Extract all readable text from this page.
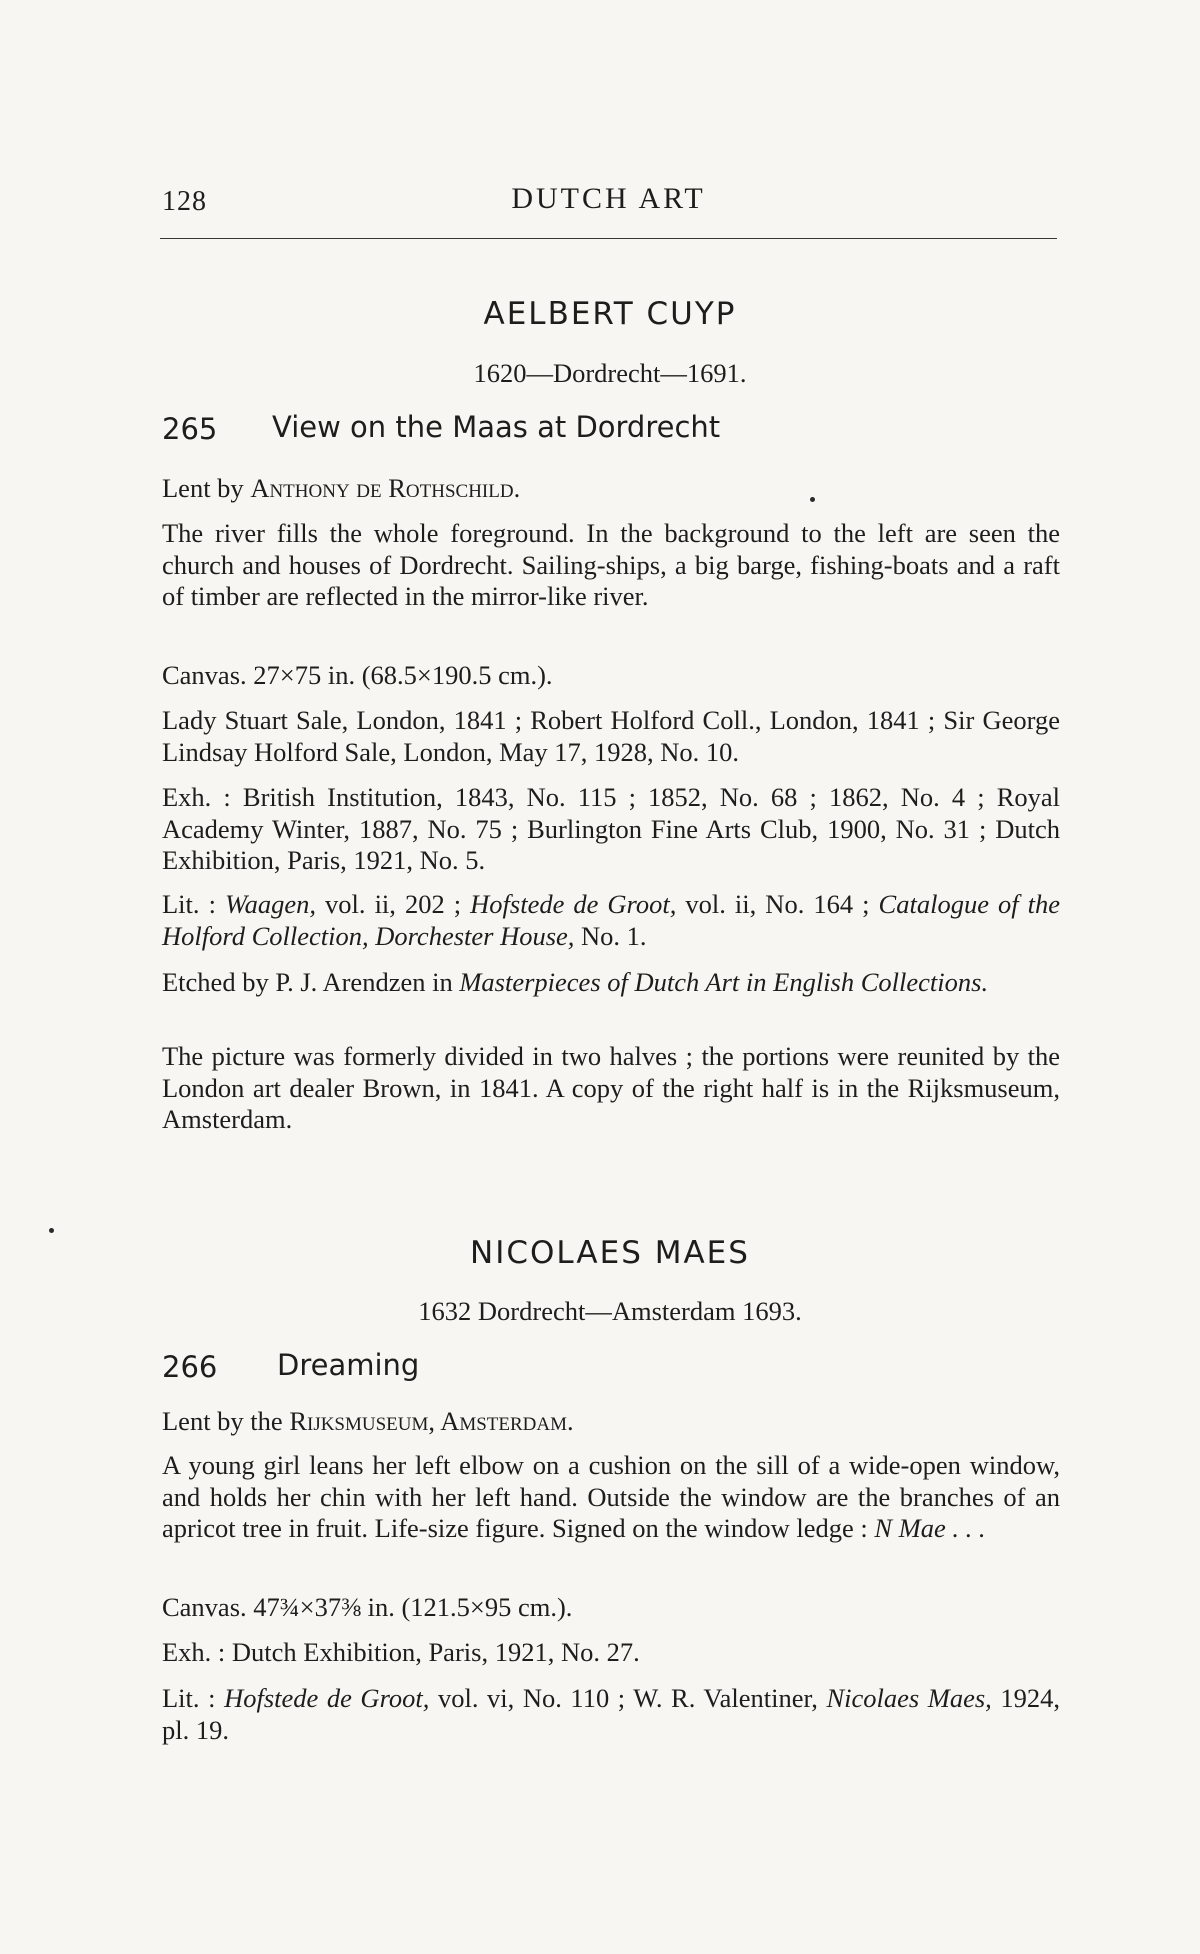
128	DUTCH ART
AELBERT CUYP
1620—Dordrecht—1691.
265 View on the Maas at Dordrecht
Lent by Anthony de Rothschild.
The river fills the whole foreground. In the background to the left are seen the church and houses of Dordrecht. Sailing-ships, a big barge, fishing-boats and a raft of timber are reflected in the mirror-like river.
Canvas. 27×75 in. (68.5×190.5 cm.).
Lady Stuart Sale, London, 1841 ; Robert Holford Coll., London, 1841 ; Sir George Lindsay Holford Sale, London, May 17, 1928, No. 10.
Exh. : British Institution, 1843, No. 115 ; 1852, No. 68 ; 1862, No. 4 ; Royal Academy Winter, 1887, No. 75 ; Burlington Fine Arts Club, 1900, No. 31 ; Dutch Exhibition, Paris, 1921, No. 5.
Lit. : Waagen, vol. ii, 202 ; Hofstede de Groot, vol. ii, No. 164 ; Catalogue of the Holford Collection, Dorchester House, No. 1.
Etched by P. J. Arendzen in Masterpieces of Dutch Art in English Collections.
The picture was formerly divided in two halves ; the portions were reunited by the London art dealer Brown, in 1841. A copy of the right half is in the Rijksmuseum, Amsterdam.
NICOLAES MAES
1632 Dordrecht—Amsterdam 1693.
266 Dreaming
Lent by the Rijksmuseum, Amsterdam.
A young girl leans her left elbow on a cushion on the sill of a wide-open window, and holds her chin with her left hand. Outside the window are the branches of an apricot tree in fruit. Life-size figure. Signed on the window ledge : N Mae . . .
Canvas. 47¾×37⅜ in. (121.5×95 cm.).
Exh. : Dutch Exhibition, Paris, 1921, No. 27.
Lit. : Hofstede de Groot, vol. vi, No. 110 ; W. R. Valentiner, Nicolaes Maes, 1924, pl. 19.
